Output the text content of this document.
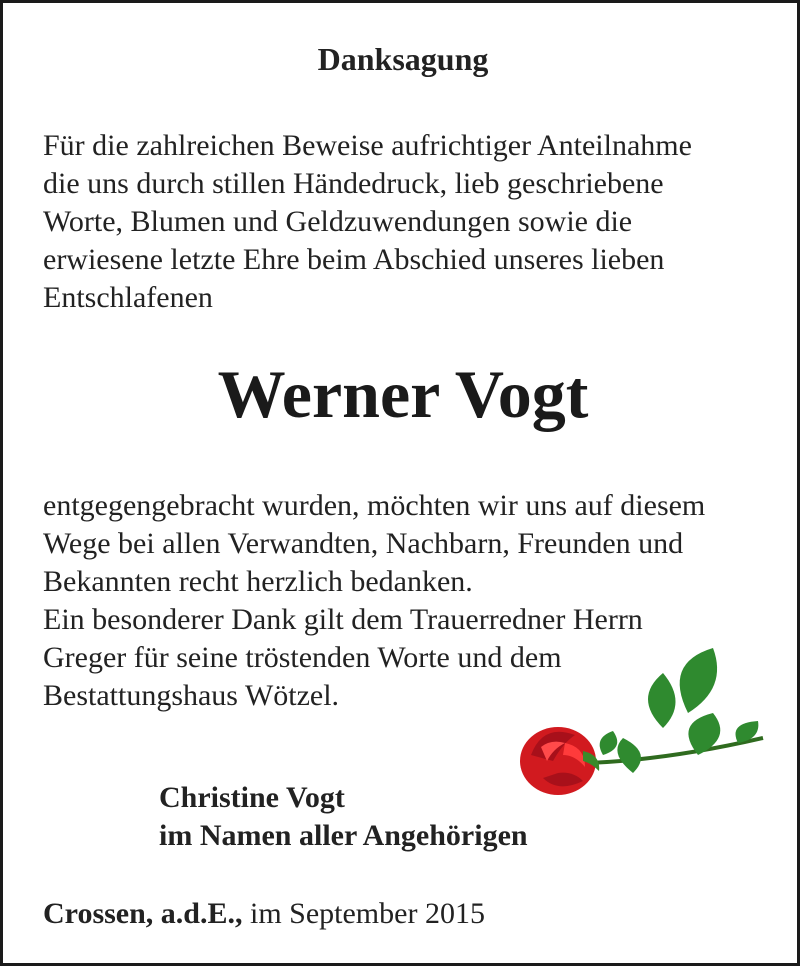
Danksagung
Für die zahlreichen Beweise aufrichtiger Anteilnahme
die uns durch stillen Händedruck, lieb geschriebene
Worte, Blumen und Geldzuwendungen sowie die
erwiesene letzte Ehre beim Abschied unseres lieben
Entschlafenen
Werner Vogt
entgegengebracht wurden, möchten wir uns auf diesem
Wege bei allen Verwandten, Nachbarn, Freunden und
Bekannten recht herzlich bedanken.
Ein besonderer Dank gilt dem Trauerredner Herrn
Greger für seine tröstenden Worte und dem
Bestattungshaus Wötzel.
Christine Vogt
im Namen aller Angehörigen
Crossen, a.d.E., im September 2015
